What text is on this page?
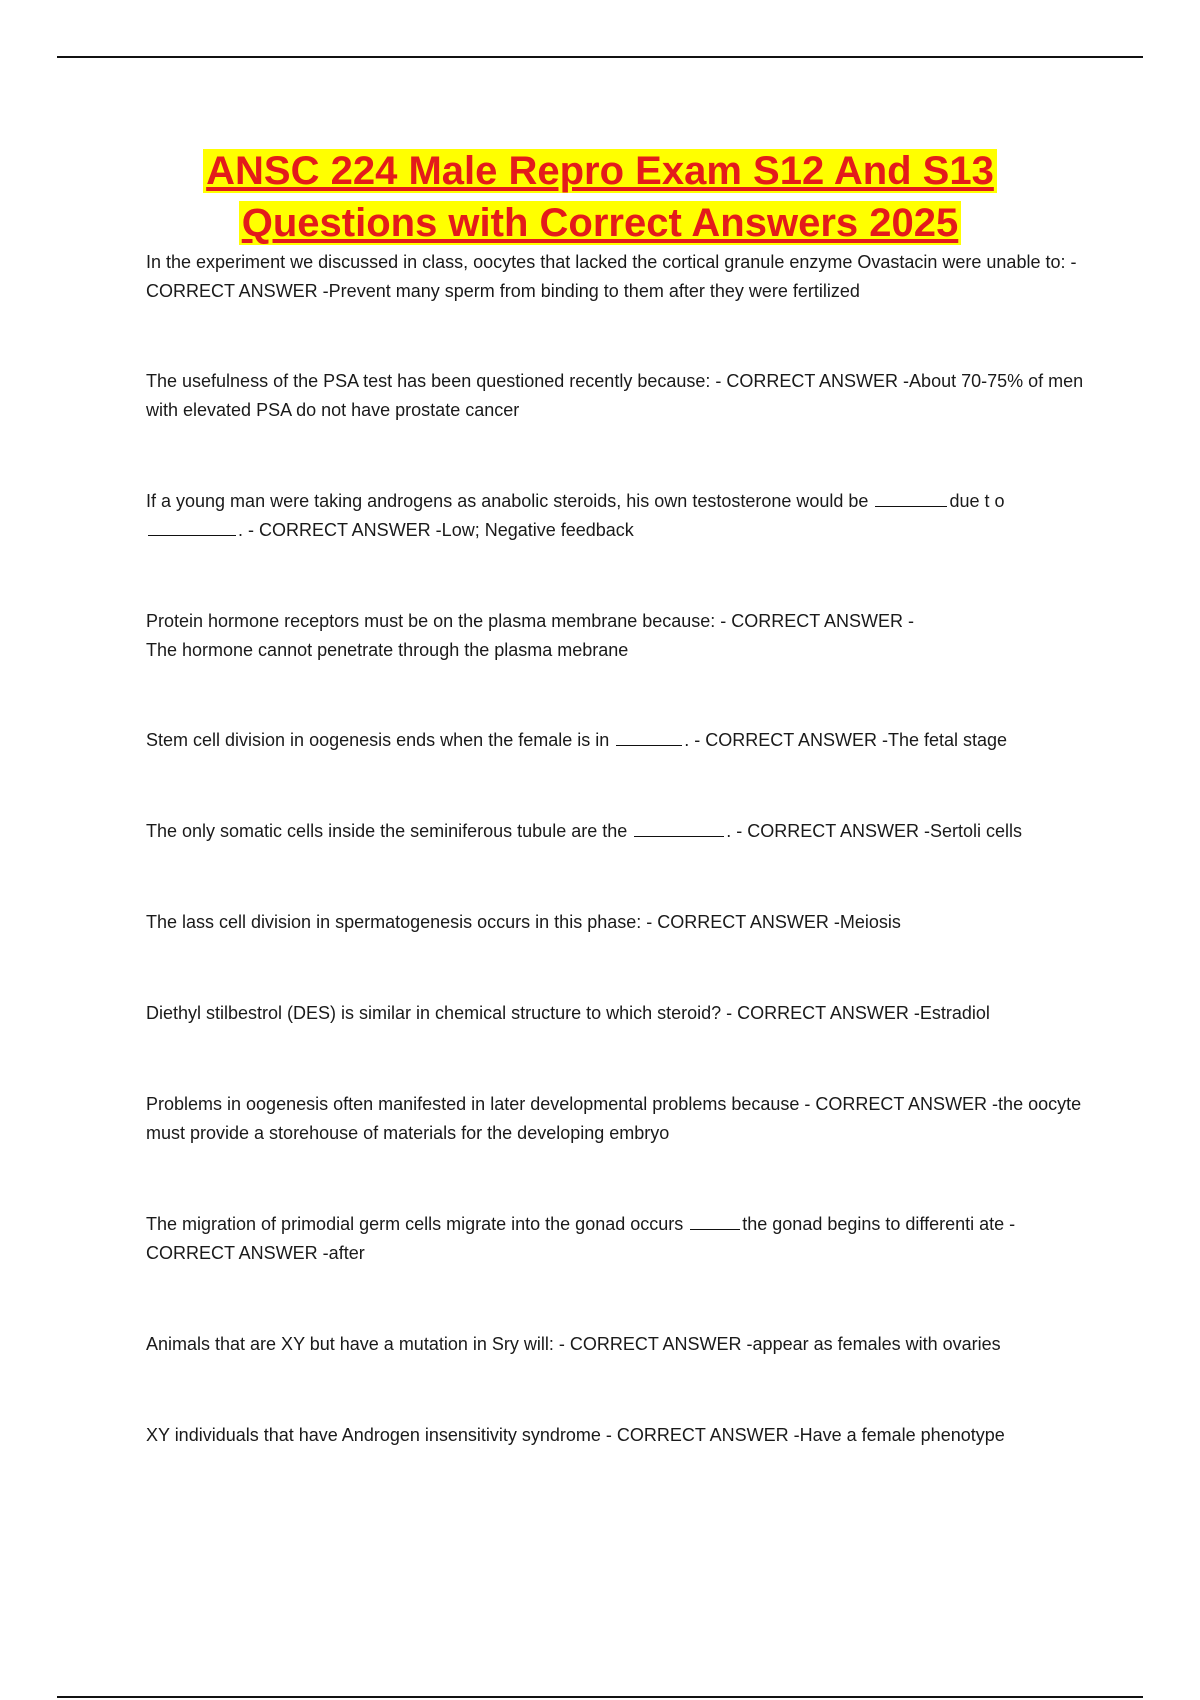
ANSC 224 Male Repro Exam S12 And S13
Questions with Correct Answers 2025
In the experiment we discussed in class, oocytes that lacked the cortical granule enzyme Ovastacin were unable to: - CORRECT ANSWER -Prevent many sperm from binding to them after they were fertilized
The usefulness of the PSA test has been questioned recently because: - CORRECT ANSWER -About 70-75% of men with elevated PSA do not have prostate cancer
If a young man were taking androgens as anabolic steroids, his own testosterone would be	due t o . - CORRECT ANSWER -Low; Negative feedback
Protein hormone receptors must be on the plasma membrane because: - CORRECT ANSWER -
The hormone cannot penetrate through the plasma mebrane
Stem cell division in oogenesis ends when the female is in	. - CORRECT ANSWER -The fetal stage
The only somatic cells inside the seminiferous tubule are the	. - CORRECT ANSWER -Sertoli cells
The lass cell division in spermatogenesis occurs in this phase: - CORRECT ANSWER -Meiosis
Diethyl stilbestrol (DES) is similar in chemical structure to which steroid? - CORRECT ANSWER -Estradiol
Problems in oogenesis often manifested in later developmental problems because - CORRECT ANSWER -the oocyte must provide a storehouse of materials for the developing embryo
The migration of primodial germ cells migrate into the gonad occurs	the gonad begins to differenti ate - CORRECT ANSWER -after
Animals that are XY but have a mutation in Sry will: - CORRECT ANSWER -appear as females with ovaries
XY individuals that have Androgen insensitivity syndrome - CORRECT ANSWER -Have a female phenotype
